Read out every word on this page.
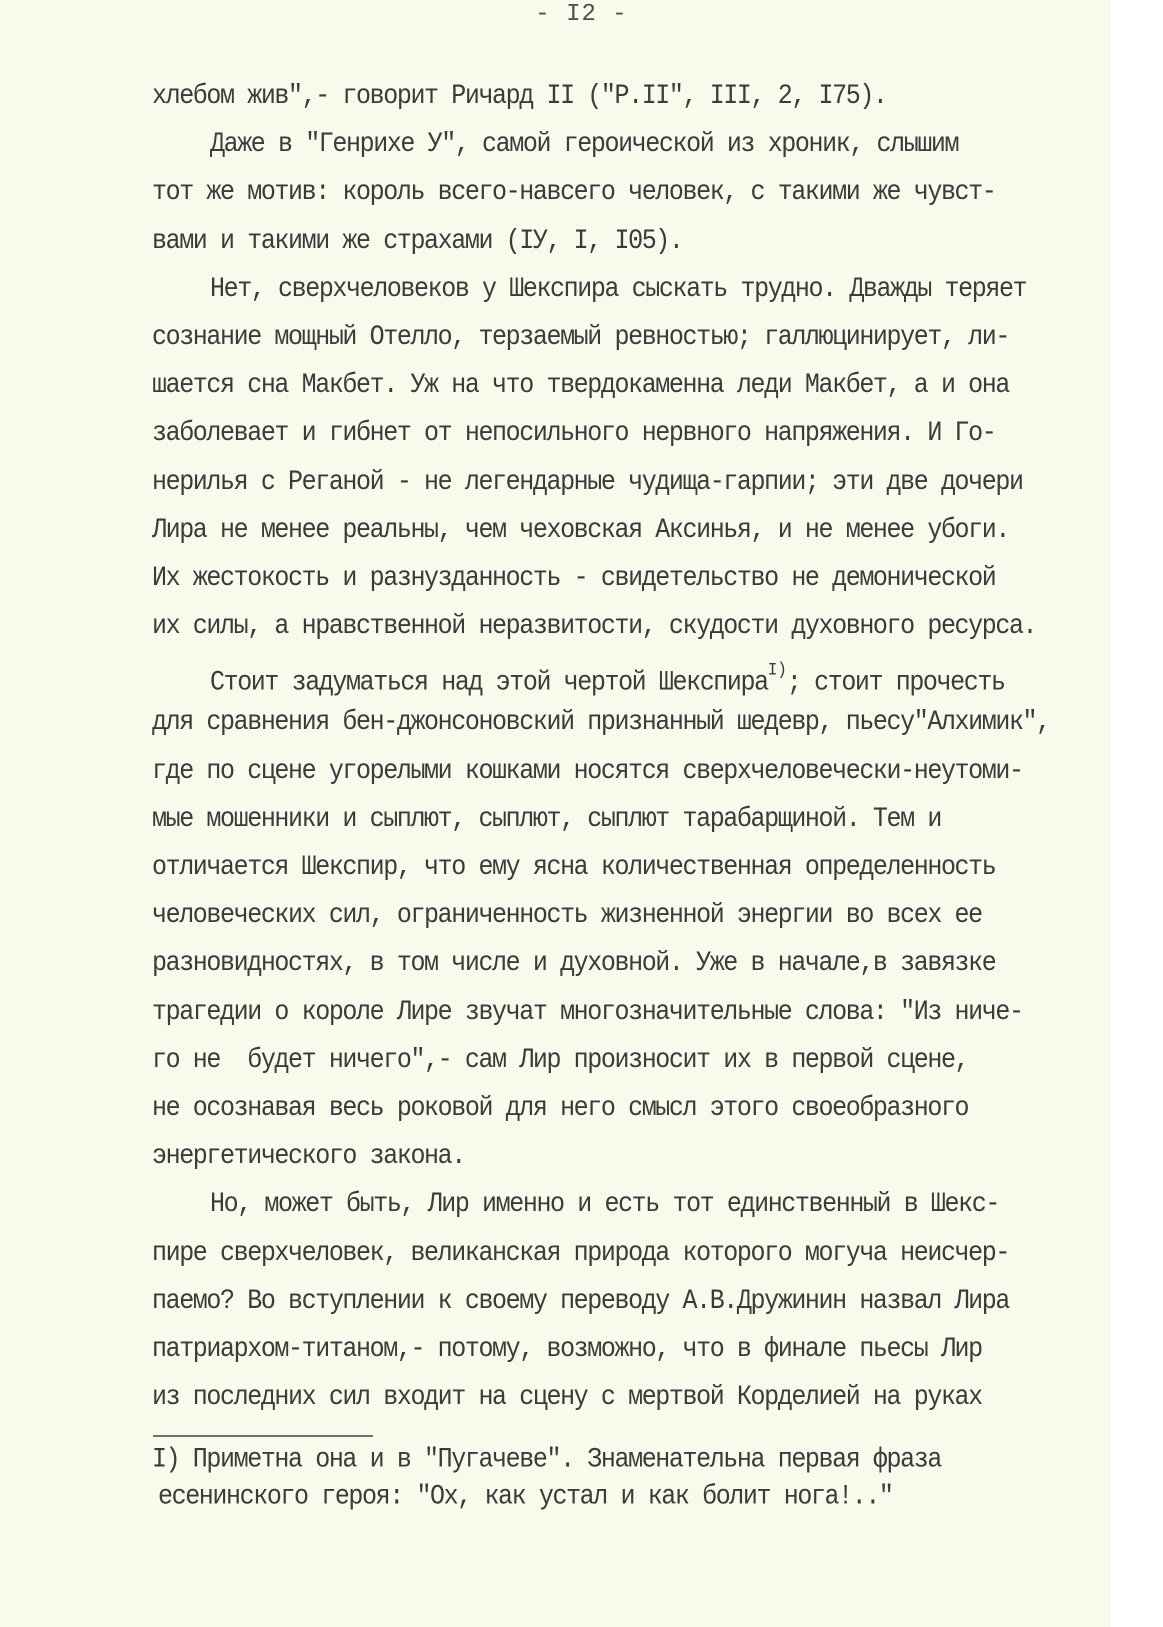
- I2 -
хлебом жив",- говорит Ричард II ("Р.II", III, 2, I75).
Даже в "Генрихе У", самой героической из хроник, слышим
тот же мотив: король всего-навсего человек, с такими же чувст-
вами и такими же страхами (IУ, I, I05).
Нет, сверхчеловеков у Шекспира сыскать трудно. Дважды теряет
сознание мощный Отелло, терзаемый ревностью; галлюцинирует, ли-
шается сна Макбет. Уж на что твердокаменна леди Макбет, а и она
заболевает и гибнет от непосильного нервного напряжения. И Го-
нерилья с Реганой - не легендарные чудища-гарпии; эти две дочери
Лира не менее реальны, чем чеховская Аксинья, и не менее убоги.
Их жестокость и разнузданность - свидетельство не демонической
их силы, а нравственной неразвитости, скудости духовного ресурса.
Стоит задуматься над этой чертой Шекспира$^{I)}$; стоит прочесть
для сравнения бен-джонсоновский признанный шедевр, пьесу"Алхимик",
где по сцене угорелыми кошками носятся сверхчеловечески-неутоми-
мые мошенники и сыплют, сыплют, сыплют тарабарщиной. Тем и
отличается Шекспир, что ему ясна количественная определенность
человеческих сил, ограниченность жизненной энергии во всех ее
разновидностях, в том числе и духовной. Уже в начале,в завязке
трагедии о короле Лире звучат многозначительные слова: "Из ниче-
го не  будет ничего",- сам Лир произносит их в первой сцене,
не осознавая весь роковой для него смысл этого своеобразного
энергетического закона.
Но, может быть, Лир именно и есть тот единственный в Шекс-
пире сверхчеловек, великанская природа которого могуча неисчер-
паемо? Во вступлении к своему переводу А.В.Дружинин назвал Лира
патриархом-титаном,- потому, возможно, что в финале пьесы Лир
из последних сил входит на сцену с мертвой Корделией на руках
I) Приметна она и в "Пугачеве". Знаменательна первая фраза
есенинского героя: "Ох, как устал и как болит нога!.."
